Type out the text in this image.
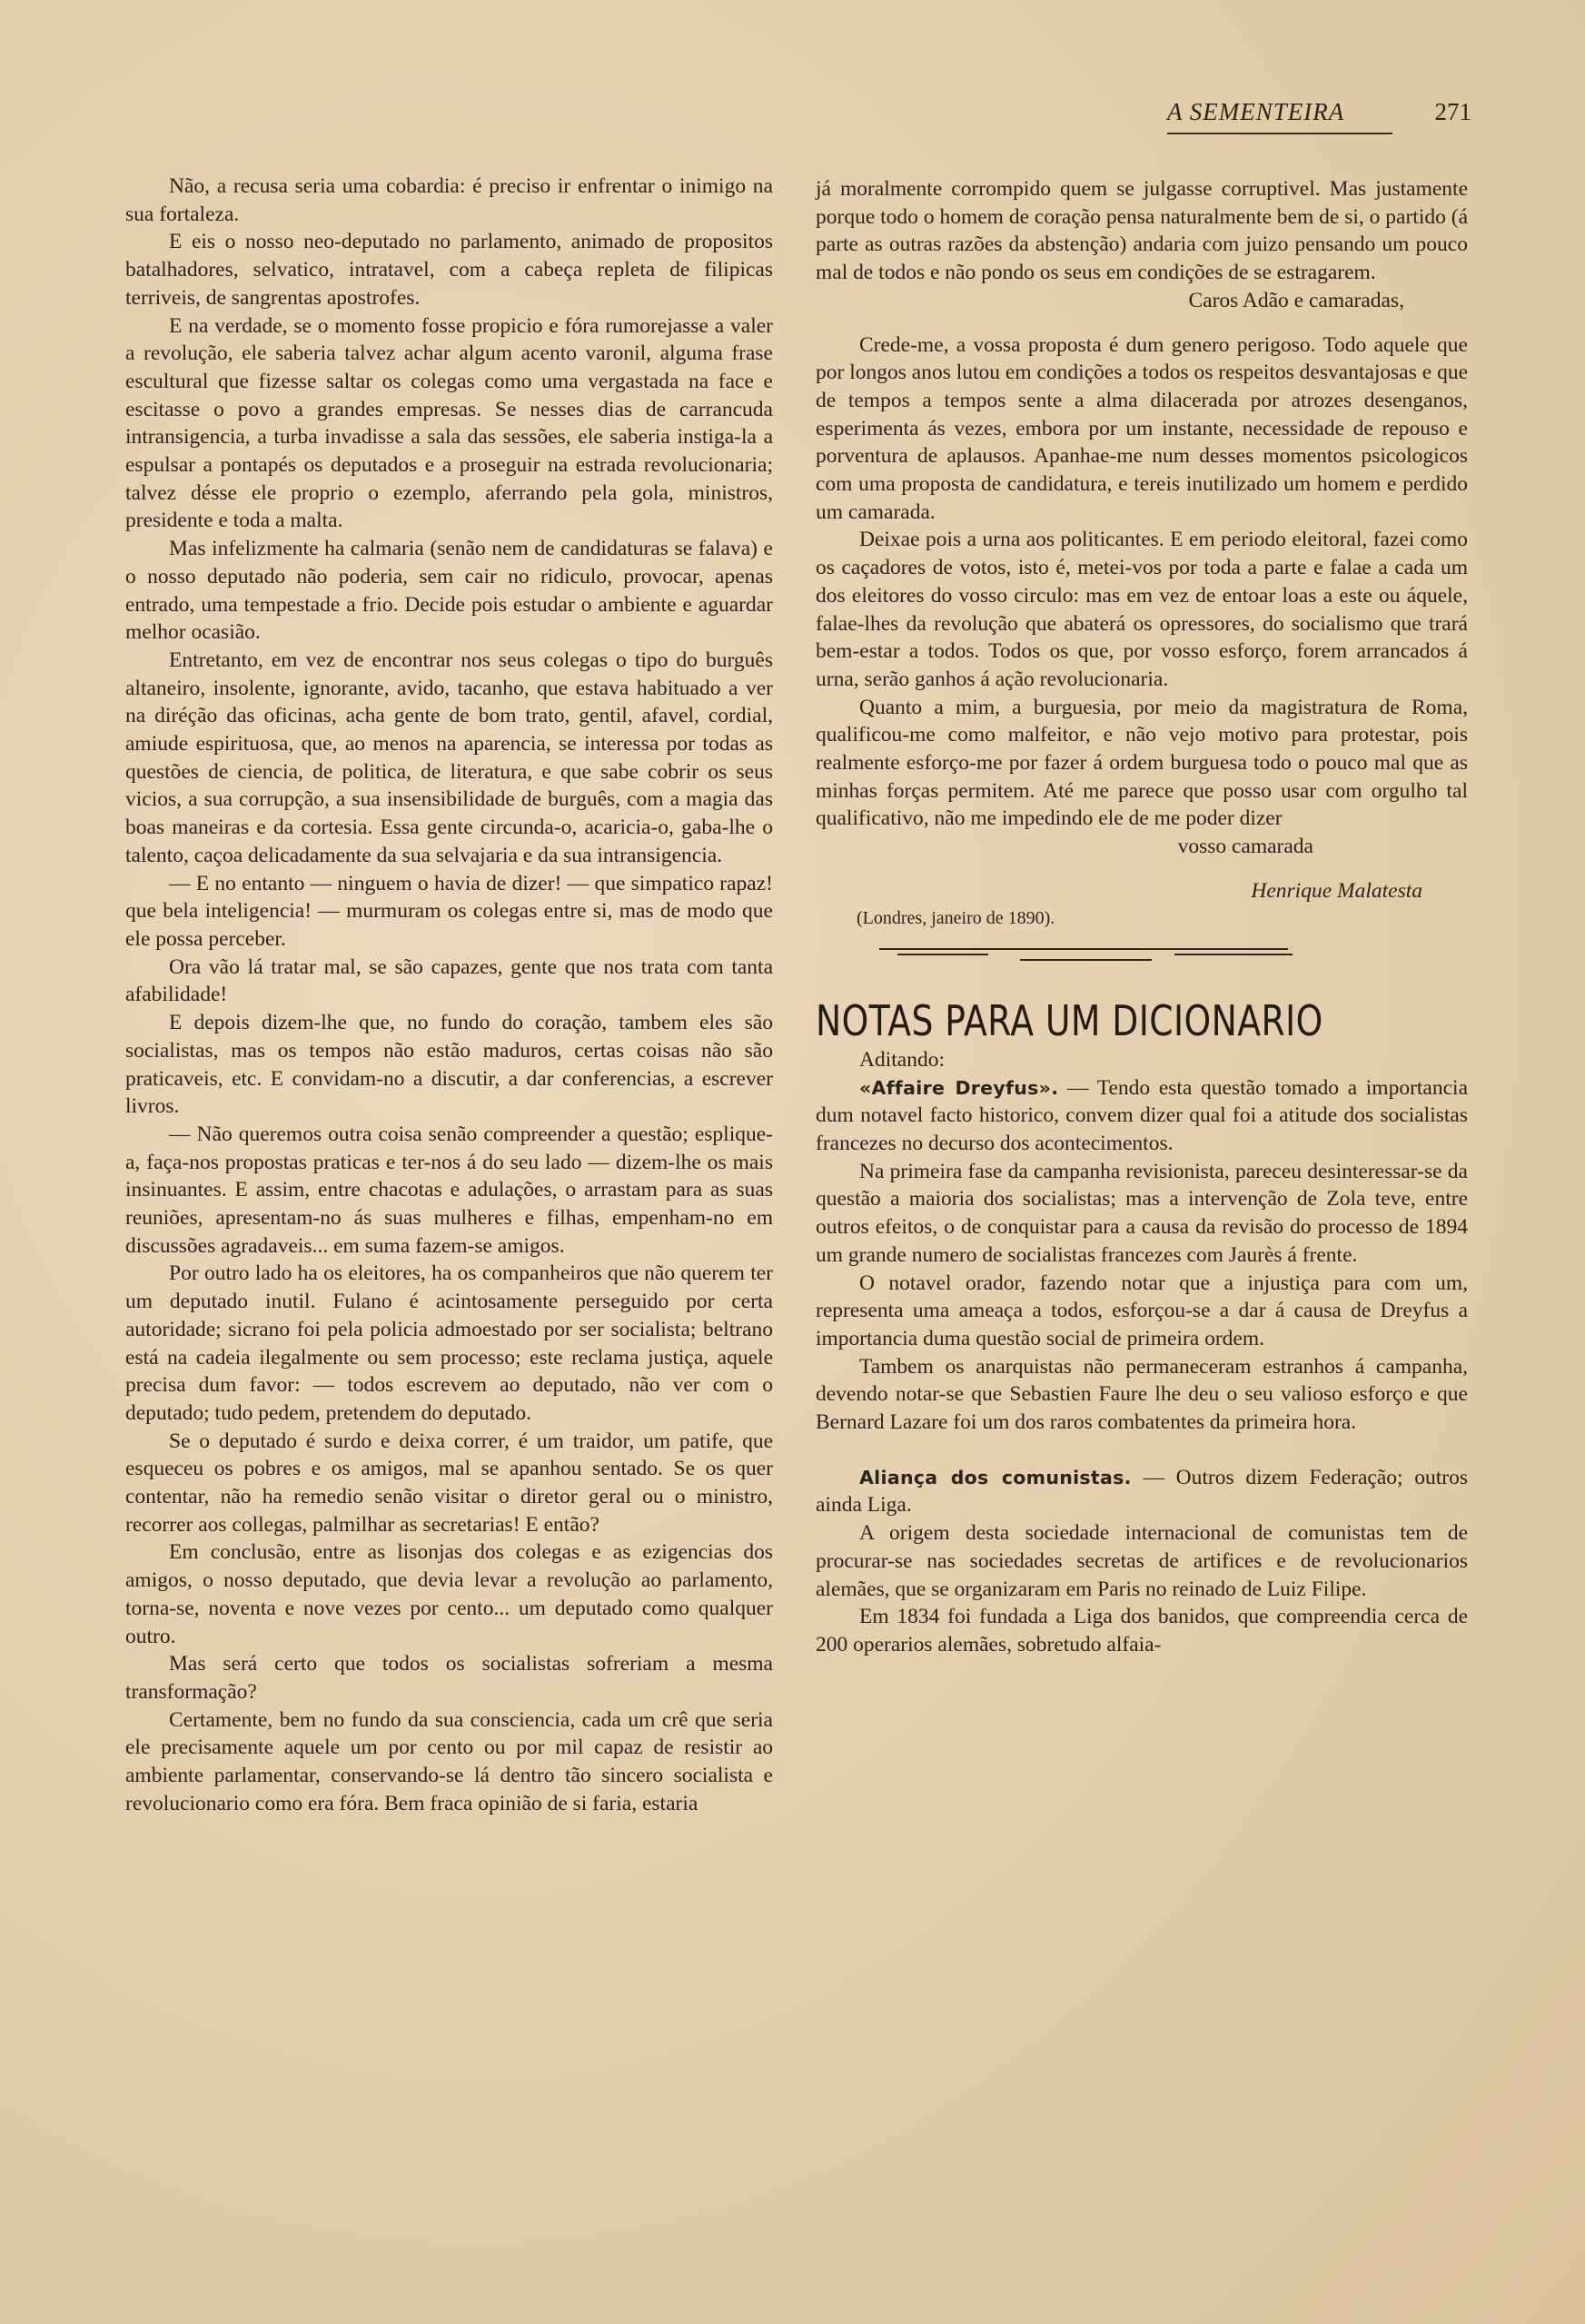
A SEMENTEIRA	271

Não, a recusa seria uma cobardia: é preciso ir enfrentar o inimigo na sua fortaleza.

E eis o nosso neo-deputado no parlamento, animado de propositos batalhadores, selvatico, intratavel, com a cabeça repleta de filipicas terriveis, de sangrentas apostrofes.

E na verdade, se o momento fosse propicio e fóra rumorejasse a valer a revolução, ele saberia talvez achar algum acento varonil, alguma frase escultural que fizesse saltar os colegas como uma vergastada na face e escitasse o povo a grandes empresas. Se nesses dias de carrancuda intransigencia, a turba invadisse a sala das sessões, ele saberia instiga-la a espulsar a pontapés os deputados e a proseguir na estrada revolucionaria; talvez désse ele proprio o ezemplo, aferrando pela gola, ministros, presidente e toda a malta.

Mas infelizmente ha calmaria (senão nem de candidaturas se falava) e o nosso deputado não poderia, sem cair no ridiculo, provocar, apenas entrado, uma tempestade a frio. Decide pois estudar o ambiente e aguardar melhor ocasião.

Entretanto, em vez de encontrar nos seus colegas o tipo do burguês altaneiro, insolente, ignorante, avido, tacanho, que estava habituado a ver na diréção das oficinas, acha gente de bom trato, gentil, afavel, cordial, amiude espirituosa, que, ao menos na aparencia, se interessa por todas as questões de ciencia, de politica, de literatura, e que sabe cobrir os seus vicios, a sua corrupção, a sua insensibilidade de burguês, com a magia das boas maneiras e da cortesia. Essa gente circunda-o, acaricia-o, gaba-lhe o talento, caçoa delicadamente da sua selvajaria e da sua intransigencia.

— E no entanto — ninguem o havia de dizer! — que simpatico rapaz! que bela inteligencia! — murmuram os colegas entre si, mas de modo que ele possa perceber.

Ora vão lá tratar mal, se são capazes, gente que nos trata com tanta afabilidade!

E depois dizem-lhe que, no fundo do coração, tambem eles são socialistas, mas os tempos não estão maduros, certas coisas não são praticaveis, etc. E convidam-no a discutir, a dar conferencias, a escrever livros.

— Não queremos outra coisa senão compreender a questão; esplique-a, faça-nos propostas praticas e ter-nos á do seu lado — dizem-lhe os mais insinuantes. E assim, entre chacotas e adulações, o arrastam para as suas reuniões, apresentam-no ás suas mulheres e filhas, empenham-no em discussões agradaveis... em suma fazem-se amigos.

Por outro lado ha os eleitores, ha os companheiros que não querem ter um deputado inutil. Fulano é acintosamente perseguido por certa autoridade; sicrano foi pela policia admoestado por ser socialista; beltrano está na cadeia ilegalmente ou sem processo; este reclama justiça, aquele precisa dum favor: — todos escrevem ao deputado, não ver com o deputado; tudo pedem, pretendem do deputado.

Se o deputado é surdo e deixa correr, é um traidor, um patife, que esqueceu os pobres e os amigos, mal se apanhou sentado. Se os quer contentar, não ha remedio senão visitar o diretor geral ou o ministro, recorrer aos collegas, palmilhar as secretarias! E então?

Em conclusão, entre as lisonjas dos colegas e as ezigencias dos amigos, o nosso deputado, que devia levar a revolução ao parlamento, torna-se, noventa e nove vezes por cento... um deputado como qualquer outro.

Mas será certo que todos os socialistas sofreriam a mesma transformação?

Certamente, bem no fundo da sua consciencia, cada um crê que seria ele precisamente aquele um por cento ou por mil capaz de resistir ao ambiente parlamentar, conservando-se lá dentro tão sincero socialista e revolucionario como era fóra. Bem fraca opinião de si faria, estaria

já moralmente corrompido quem se julgasse corruptivel. Mas justamente porque todo o homem de coração pensa naturalmente bem de si, o partido (á parte as outras razões da abstenção) andaria com juizo pensando um pouco mal de todos e não pondo os seus em condições de se estragarem.

Caros Adão e camaradas,

Crede-me, a vossa proposta é dum genero perigoso. Todo aquele que por longos anos lutou em condições a todos os respeitos desvantajosas e que de tempos a tempos sente a alma dilacerada por atrozes desenganos, esperimenta ás vezes, embora por um instante, necessidade de repouso e porventura de aplausos. Apanhae-me num desses momentos psicologicos com uma proposta de candidatura, e tereis inutilizado um homem e perdido um camarada.

Deixae pois a urna aos politicantes. E em periodo eleitoral, fazei como os caçadores de votos, isto é, metei-vos por toda a parte e falae a cada um dos eleitores do vosso circulo: mas em vez de entoar loas a este ou áquele, falae-lhes da revolução que abaterá os opressores, do socialismo que trará bem-estar a todos. Todos os que, por vosso esforço, forem arrancados á urna, serão ganhos á ação revolucionaria.

Quanto a mim, a burguesia, por meio da magistratura de Roma, qualificou-me como malfeitor, e não vejo motivo para protestar, pois realmente esforço-me por fazer á ordem burguesa todo o pouco mal que as minhas forças permitem. Até me parece que posso usar com orgulho tal qualificativo, não me impedindo ele de me poder dizer

vosso camarada

Henrique Malatesta
(Londres, janeiro de 1890).
NOTAS PARA UM DICIONARIO

Aditando:

«Affaire Dreyfus». — Tendo esta questão tomado a importancia dum notavel facto historico, convem dizer qual foi a atitude dos socialistas francezes no decurso dos acontecimentos.

Na primeira fase da campanha revisionista, pareceu desinteressar-se da questão a maioria dos socialistas; mas a intervenção de Zola teve, entre outros efeitos, o de conquistar para a causa da revisão do processo de 1894 um grande numero de socialistas francezes com Jaurès á frente.

O notavel orador, fazendo notar que a injustiça para com um, representa uma ameaça a todos, esforçou-se a dar á causa de Dreyfus a importancia duma questão social de primeira ordem.

Tambem os anarquistas não permaneceram estranhos á campanha, devendo notar-se que Sebastien Faure lhe deu o seu valioso esforço e que Bernard Lazare foi um dos raros combatentes da primeira hora.

Aliança dos comunistas. — Outros dizem Federação; outros ainda Liga.

A origem desta sociedade internacional de comunistas tem de procurar-se nas sociedades secretas de artifices e de revolucionarios alemães, que se organizaram em Paris no reinado de Luiz Filipe.

Em 1834 foi fundada a Liga dos banidos, que compreendia cerca de 200 operarios alemães, sobretudo alfaia-
